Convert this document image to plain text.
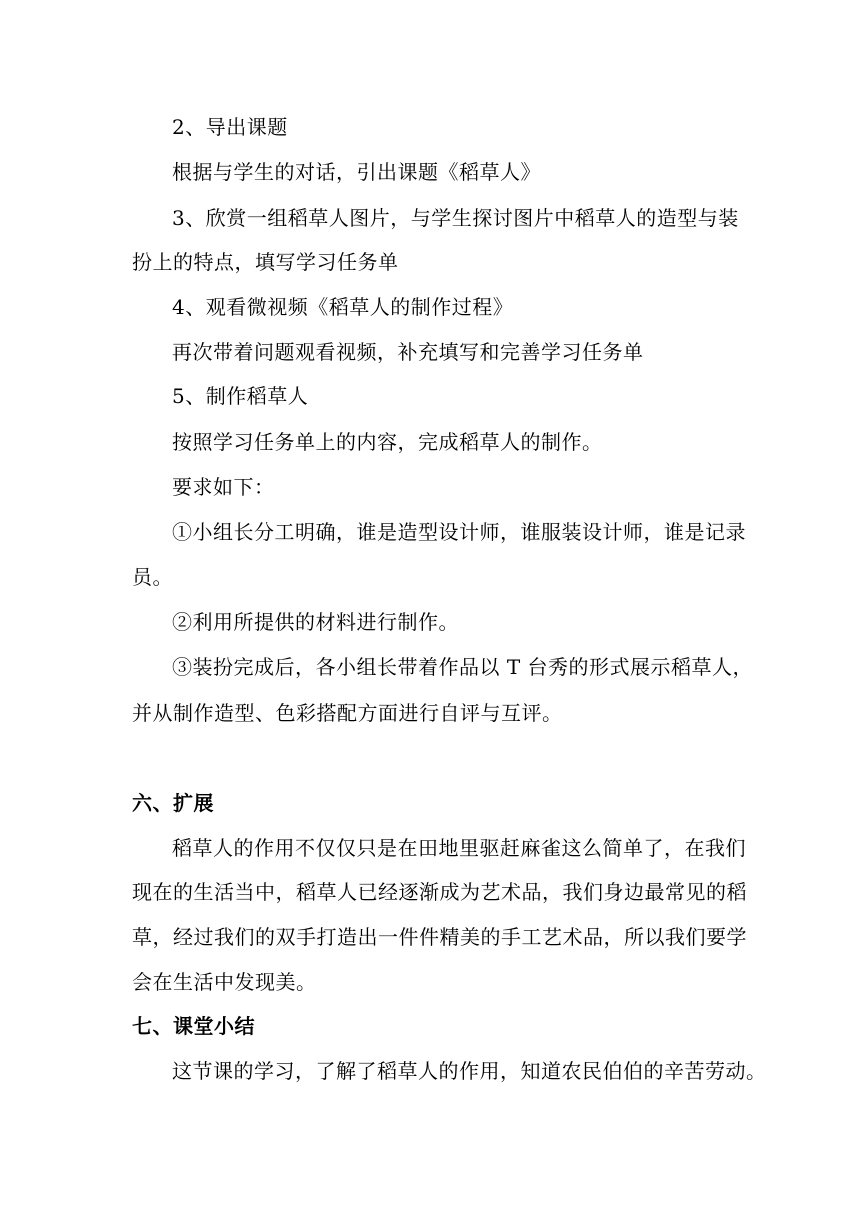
2、导出课题
根据与学生的对话，引出课题《稻草人》
3、欣赏一组稻草人图片，与学生探讨图片中稻草人的造型与装
扮上的特点，填写学习任务单
4、观看微视频《稻草人的制作过程》
再次带着问题观看视频，补充填写和完善学习任务单
5、制作稻草人
按照学习任务单上的内容，完成稻草人的制作。
要求如下：
①小组长分工明确，谁是造型设计师，谁服装设计师，谁是记录
员。
②利用所提供的材料进行制作。
③装扮完成后，各小组长带着作品以 T 台秀的形式展示稻草人，
并从制作造型、色彩搭配方面进行自评与互评。
六、扩展
稻草人的作用不仅仅只是在田地里驱赶麻雀这么简单了，在我们
现在的生活当中，稻草人已经逐渐成为艺术品，我们身边最常见的稻
草，经过我们的双手打造出一件件精美的手工艺术品，所以我们要学
会在生活中发现美。
七、课堂小结
这节课的学习，了解了稻草人的作用，知道农民伯伯的辛苦劳动。
